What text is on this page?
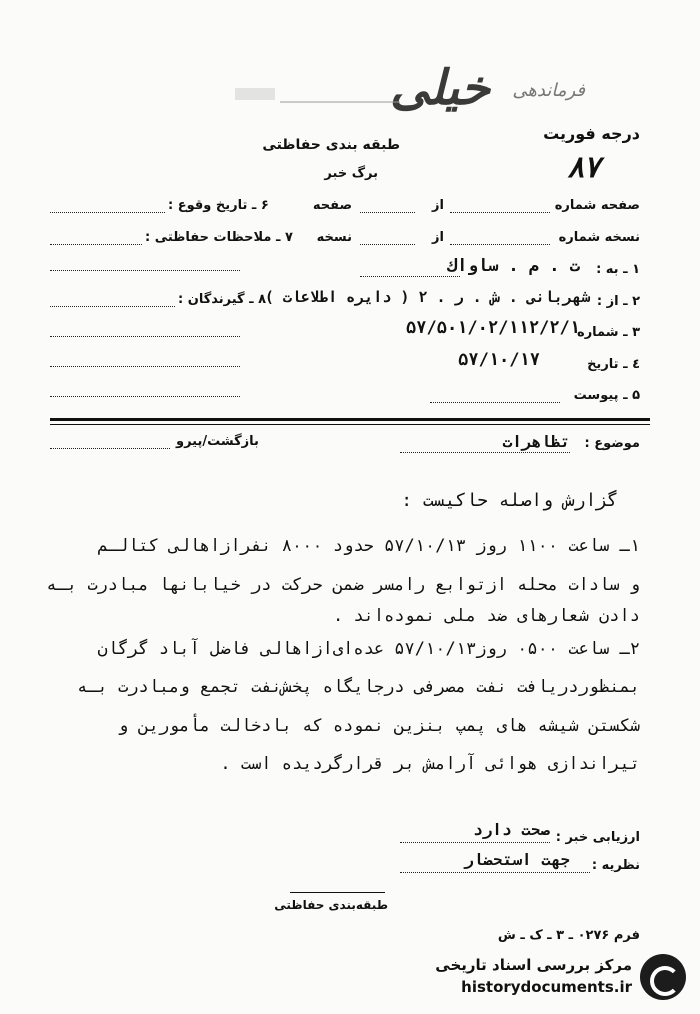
فرماندهی
خیلی
طبقه بندی حفاظتی
درجه فوریت
۸۷
برگ خبر
صفحه شماره
از
صفحه
نسخه شماره
از
نسخه
۶ ـ تاریخ وقوع :
۷ ـ ملاحظات حفاظتی :
۱ ـ به :
ت . م . ساواك
۲ ـ از :
شهربانی . ش . ر . ۲ ( دایره اطلاعات )
۸ ـ گیرندگان :
۳ ـ شماره
۵۷/۵۰۱/۰۲/۱۱۲/۲/۱
٤ ـ تاریخ
۵۷/۱۰/۱۷
۵ ـ پیوست
موضوع :
تظاهرات
بازگشت/پیرو
گزارش واصله حاکیست :
۱ـ ساعت ۱۱۰۰ روز ۵۷/۱۰/۱۳ حدود ۸۰۰۰ نفرازاهالی کتالـم
و سادات محله ازتوابع رامسر ضمن حرکت در خیابانها مبادرت بـه
دادن شعارهای ضد ملی نموده‌اند .
۲ـ ساعت ۰۵۰۰ روز۵۷/۱۰/۱۳ عده‌ای‌ازاهالی فاضل آباد گرگان
بمنظوردریافت نفت مصرفی درجایگاه پخش‌نفت تجمع ومبادرت بـه
شکستن شیشه های پمپ بنزین نموده که بادخالت مأمورین و
تیراندازی هوائی آرامش بر قرارگردیده است .
ارزیابی خبر :
صحت دارد
نظریه :
جهت استحضار
طبقه‌بندی حفاظتی
فرم ۰۲۷۶ ـ ۳ ـ ک ـ ش
مرکز بررسی اسناد تاریخی
historydocuments.ir
